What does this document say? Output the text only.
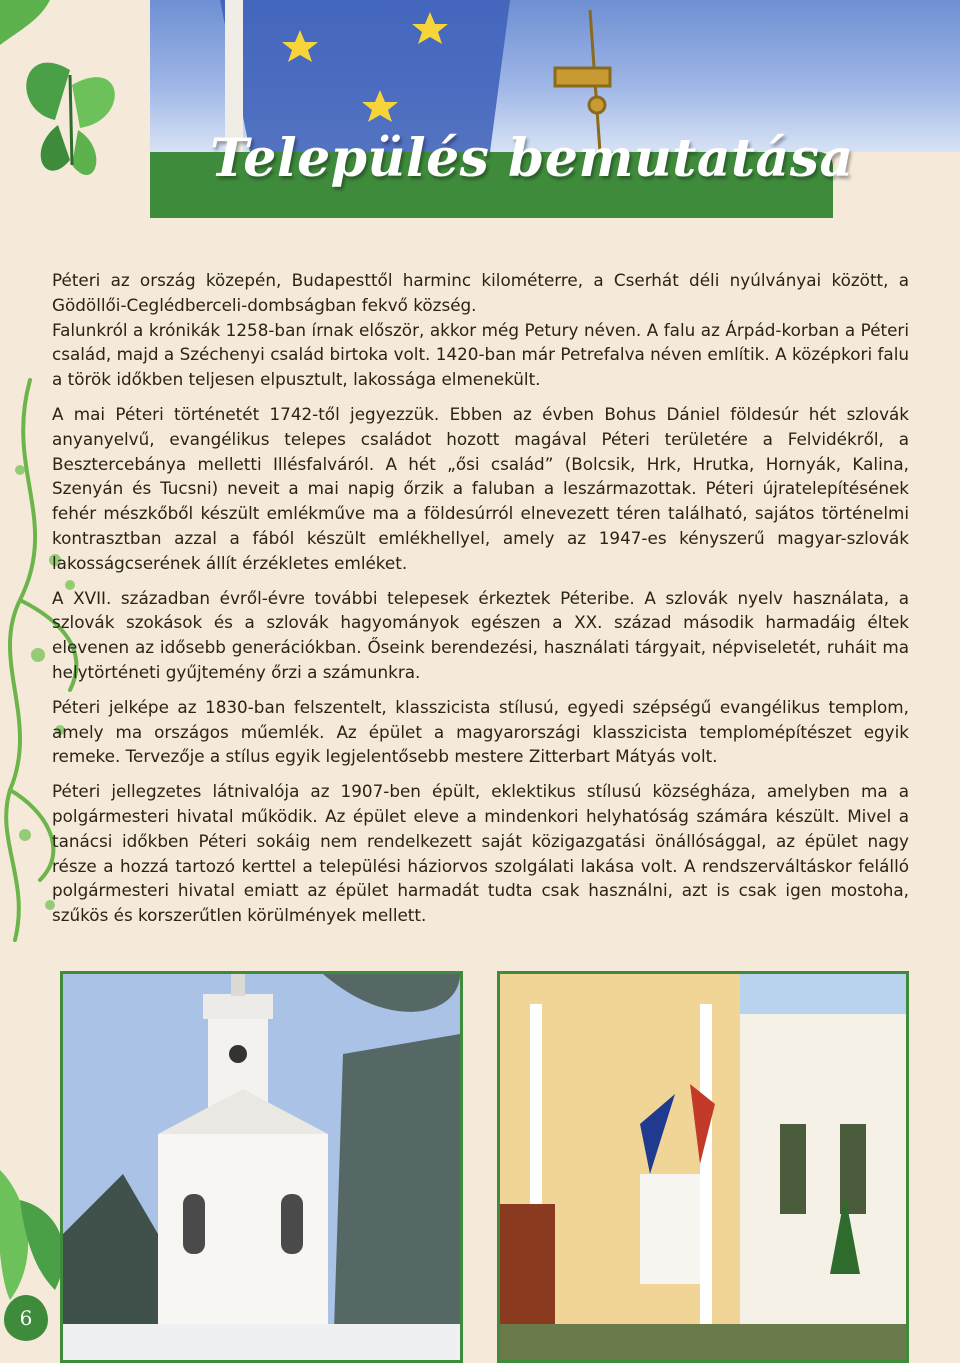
Település bemutatása

Péteri az ország közepén, Budapesttől harminc kilométerre, a Cserhát déli nyúlványai között, a Gödöllői-Ceglédberceli-dombságban fekvő község.

Falunkról a krónikák 1258-ban írnak először, akkor még Petury néven. A falu az Árpád-korban a Péteri család, majd a Széchenyi család birtoka volt. 1420-ban már Petrefalva néven említik. A középkori falu a török időkben teljesen elpusztult, lakossága elmenekült.

A mai Péteri történetét 1742-től jegyezzük. Ebben az évben Bohus Dániel földesúr hét szlovák anyanyelvű, evangélikus telepes családot hozott magával Péteri területére a Felvidékről, a Besztercebánya melletti Illésfalváról. A hét „ősi család” (Bolcsik, Hrk, Hrutka, Hornyák, Kalina, Szenyán és Tucsni) neveit a mai napig őrzik a faluban a leszármazottak. Péteri újratelepítésének fehér mészkőből készült emlékműve ma a földesúrról elnevezett téren található, sajátos történelmi kontrasztban azzal a fából készült emlékhellyel, amely az 1947-es kényszerű magyar-szlovák lakosságcserének állít érzékletes emléket.

A XVII. században évről-évre további telepesek érkeztek Péteribe. A szlovák nyelv használata, a szlovák szokások és a szlovák hagyományok egészen a XX. század második harmadáig éltek elevenen az idősebb generációkban. Őseink berendezési, használati tárgyait, népviseletét, ruháit ma helytörténeti gyűjtemény őrzi a számunkra.

Péteri jelképe az 1830-ban felszentelt, klasszicista stílusú, egyedi szépségű evangélikus templom, amely ma országos műemlék. Az épület a magyarországi klasszicista templomépítészet egyik remeke. Tervezője a stílus egyik legjelentősebb mestere Zitterbart Mátyás volt.

Péteri jellegzetes látnivalója az 1907-ben épült, eklektikus stílusú községháza, amelyben ma a polgármesteri hivatal működik. Az épület eleve a mindenkori helyhatóság számára készült. Mivel a tanácsi időkben Péteri sokáig nem rendelkezett saját közigazgatási önállósággal, az épület nagy része a hozzá tartozó kerttel a települési háziorvos szolgálati lakása volt. A rendszerváltáskor felálló polgármesteri hivatal emiatt az épület harmadát tudta csak használni, azt is csak igen mostoha, szűkös és korszerűtlen körülmények mellett.

6
